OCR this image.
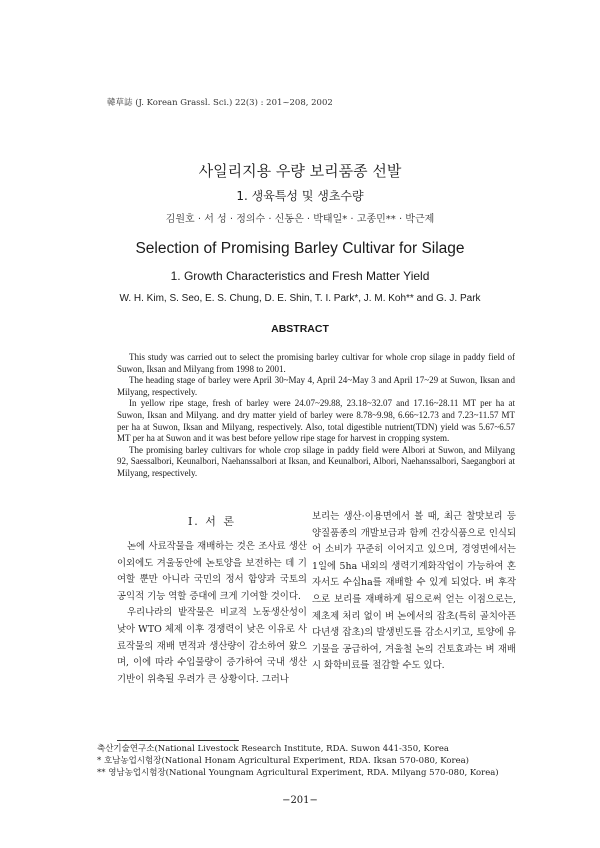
韓草誌 (J. Korean Grassl. Sci.) 22(3) : 201~208, 2002
사일리지용 우량 보리품종 선발
1. 생육특성 및 생초수량
김원호 · 서 성 · 정의수 · 신동은 · 박태일* · 고종민** · 박근제
Selection of Promising Barley Cultivar for Silage
1. Growth Characteristics and Fresh Matter Yield
W. H. Kim, S. Seo, E. S. Chung, D. E. Shin, T. I. Park*, J. M. Koh** and G. J. Park
ABSTRACT

This study was carried out to select the promising barley cultivar for whole crop silage in paddy field of Suwon, Iksan and Milyang from 1998 to 2001.

The heading stage of barley were April 30~May 4, April 24~May 3 and April 17~29 at Suwon, Iksan and Milyang, respectively.

In yellow ripe stage, fresh of barley were 24.07~29.88, 23.18~32.07 and 17.16~28.11 MT per ha at Suwon, Iksan and Milyang. and dry matter yield of barley were 8.78~9.98, 6.66~12.73 and 7.23~11.57 MT per ha at Suwon, Iksan and Milyang, respectively. Also, total digestible nutrient(TDN) yield was 5.67~6.57 MT per ha at Suwon and it was best before yellow ripe stage for harvest in cropping system.

The promising barley cultivars for whole crop silage in paddy field were Albori at Suwon, and Milyang 92, Saessalbori, Keunalbori, Naehanssalbori at Iksan, and Keunalbori, Albori, Naehanssalbori, Saegangbori at Milyang, respectively.

Ⅰ. 서 론

논에 사료작물을 재배하는 것은 조사료 생산 이외에도 겨울동안에 논토양을 보전하는 데 기여할 뿐만 아니라 국민의 정서 함양과 국토의 공익적 기능 역할 증대에 크게 기여할 것이다.

우리나라의 밭작물은 비교적 노동생산성이 낮아 WTO 체제 이후 경쟁력이 낮은 이유로 사료작물의 재배 면적과 생산량이 감소하여 왔으며, 이에 따라 수입물량이 증가하여 국내 생산기반이 위축될 우려가 큰 상황이다. 그러나

보리는 생산·이용면에서 볼 때, 최근 찰맛보리 등 양질품종의 개발보급과 함께 건강식품으로 인식되어 소비가 꾸준히 이어지고 있으며, 경영면에서는 1일에 5ha 내외의 생력기계화작업이 가능하여 혼자서도 수십ha를 재배할 수 있게 되었다. 벼 후작으로 보리를 재배하게 됨으로써 얻는 이점으로는, 제초제 처리 없이 벼 논에서의 잡초(특히 골치아픈 다년생 잡초)의 발생빈도를 감소시키고, 토양에 유기물을 공급하여, 겨울철 논의 건토효과는 벼 재배시 화학비료를 절감할 수도 있다.

축산기술연구소(National Livestock Research Institute, RDA. Suwon 441-350, Korea
* 호남농업시험장(National Honam Agricultural Experiment, RDA. Iksan 570-080, Korea)
** 영남농업시험장(National Youngnam Agricultural Experiment, RDA. Milyang 570-080, Korea)
−201−
